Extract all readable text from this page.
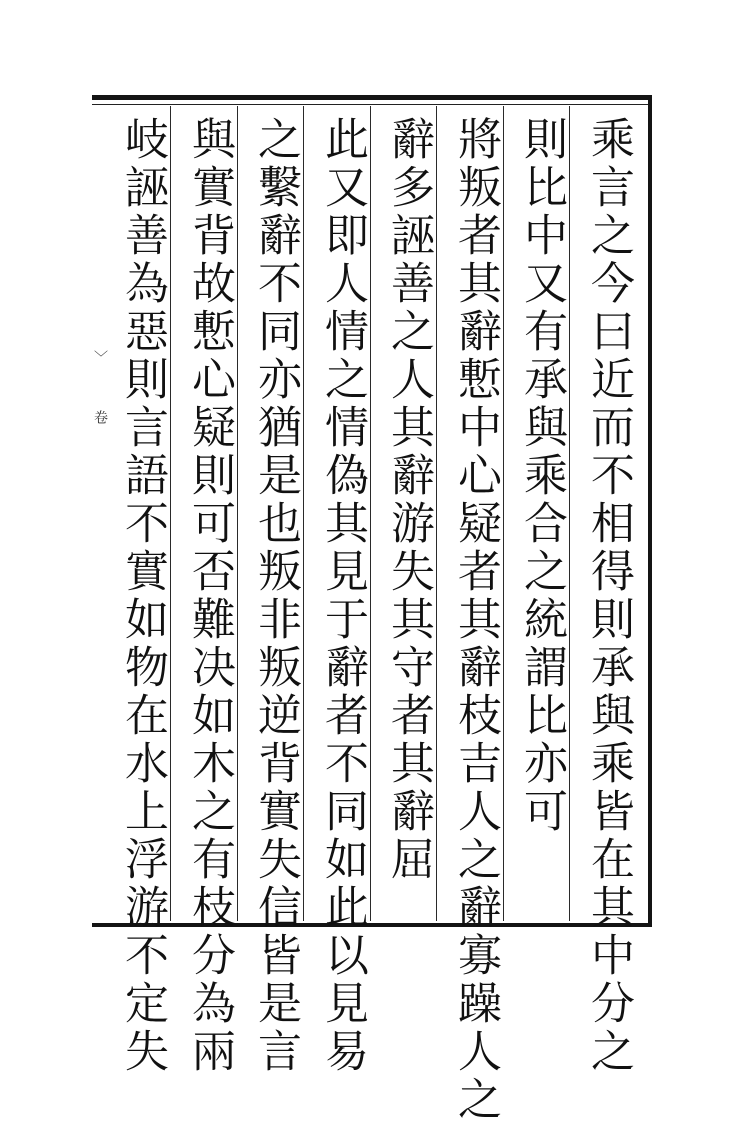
乘言之今曰近而不相得則承與乘皆在其中分之
則比中又有承與乘合之統謂比亦可
將叛者其辭慙中心疑者其辭枝吉人之辭寡躁人之
辭多誣善之人其辭游失其守者其辭屈
此又即人情之情偽其見于辭者不同如此以見易
之繫辭不同亦猶是也叛非叛逆背實失信皆是言
與實背故慙心疑則可否難决如木之有枝分為兩
岐誣善為惡則言語不實如物在水上浮游不定失
﹀
卷
